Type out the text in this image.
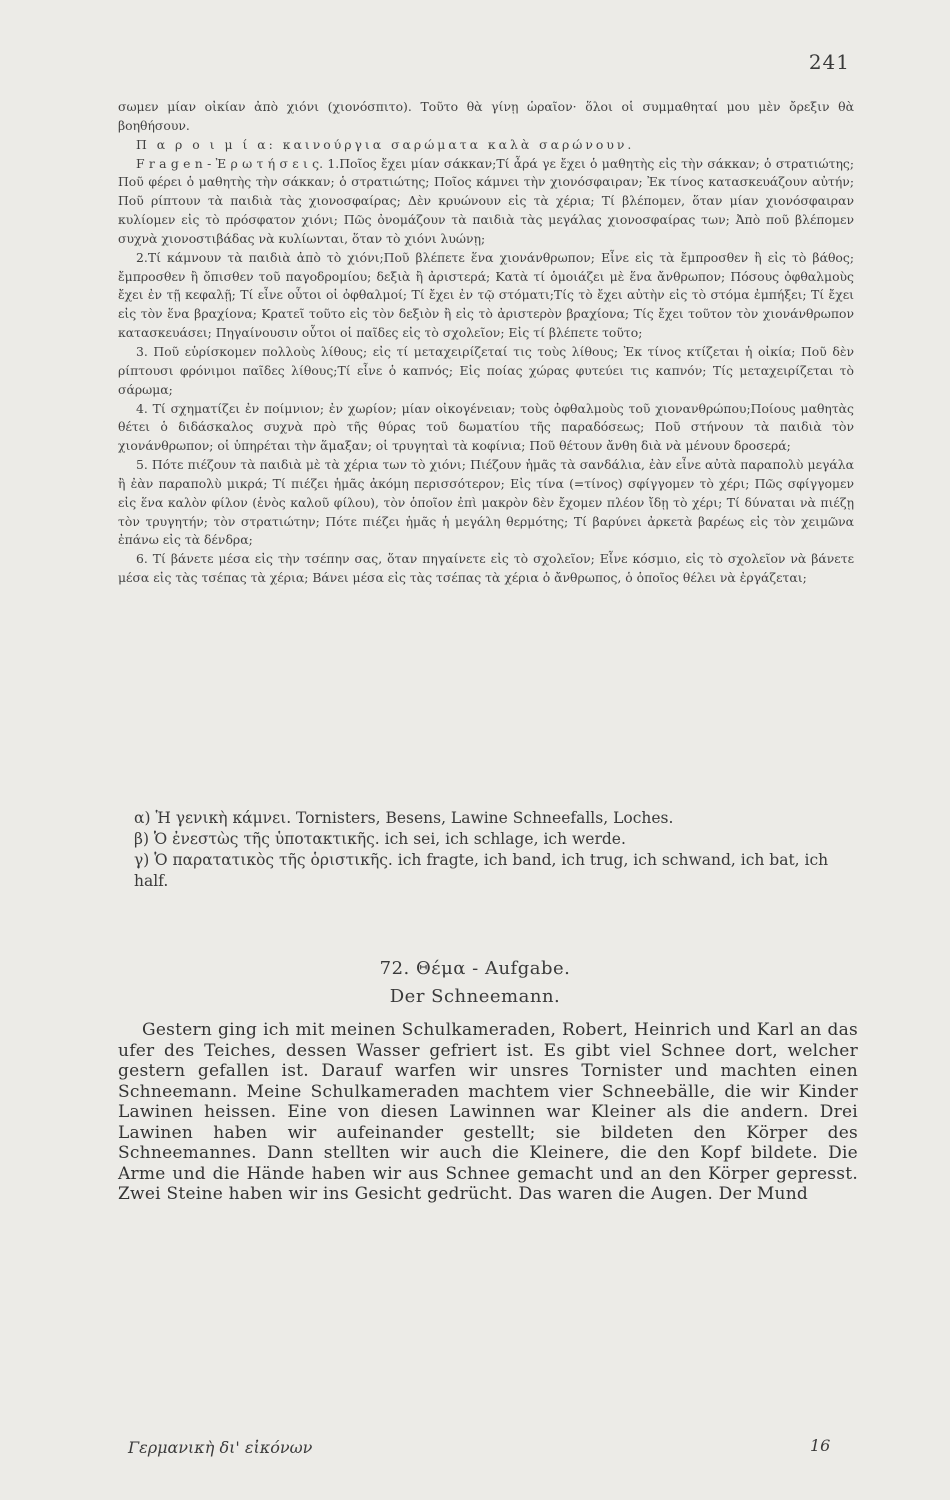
241

σωμεν μίαν οἰκίαν ἀπὸ χιόνι (χιονόσπιτο). Τοῦτο θὰ γίνῃ ὡραῖον· ὅλοι οἱ συμμαθηταί μου μὲν ὄρεξιν θὰ βοηθήσουν.

Π α ρ ο ι μ ί α: καινούργια σαρώματα καλὰ σαρώνουν.

F r a g e n - Ἐ ρ ω τ ή σ ε ι ς. 1.Ποῖος ἔχει μίαν σάκκαν;Τί ἆρά γε ἔχει ὁ μαθητὴς εἰς τὴν σάκκαν; ὁ στρατιώτης; Ποῦ φέρει ὁ μαθητὴς τὴν σάκκαν; ὁ στρατιώτης; Ποῖος κάμνει τὴν χιονόσφαιραν; Ἐκ τίνος κατασκευάζουν αὐτήν; Ποῦ ρίπτουν τὰ παιδιὰ τὰς χιονοσφαίρας; Δὲν κρυώνουν εἰς τὰ χέρια; Τί βλέπομεν, ὅταν μίαν χιονόσφαιραν κυλίομεν εἰς τὸ πρόσφατον χιόνι; Πῶς ὀνομάζουν τὰ παιδιὰ τὰς μεγάλας χιονοσφαίρας των; Ἀπὸ ποῦ βλέπομεν συχνὰ χιονοστιβάδας νὰ κυλίωνται, ὅταν τὸ χιόνι λυώνῃ;

2.Τί κάμνουν τὰ παιδιὰ ἀπὸ τὸ χιόνι;Ποῦ βλέπετε ἕνα χιονάνθρωπον; Εἶνε εἰς τὰ ἔμπροσθεν ἢ εἰς τὸ βάθος; ἔμπροσθεν ἢ ὄπισθεν τοῦ παγοδρομίου; δεξιὰ ἢ ἀριστερά; Κατὰ τί ὁμοιάζει μὲ ἕνα ἄνθρωπον; Πόσους ὀφθαλμοὺς ἔχει ἐν τῇ κεφαλῇ; Τί εἶνε οὗτοι οἱ ὀφθαλμοί; Τί ἔχει ἐν τῷ στόματι;Τίς τὸ ἔχει αὐτὴν εἰς τὸ στόμα ἐμπήξει; Τί ἔχει εἰς τὸν ἕνα βραχίονα; Κρατεῖ τοῦτο εἰς τὸν δεξιὸν ἢ εἰς τὸ ἀριστερὸν βραχίονα; Τίς ἔχει τοῦτον τὸν χιονάνθρωπον κατασκευάσει; Πηγαίνουσιν οὗτοι οἱ παῖδες εἰς τὸ σχολεῖον; Εἰς τί βλέπετε τοῦτο;

3. Ποῦ εὑρίσκομεν πολλοὺς λίθους; εἰς τί μεταχειρίζεταί τις τοὺς λίθους; Ἐκ τίνος κτίζεται ἡ οἰκία; Ποῦ δὲν ρίπτουσι φρόνιμοι παῖδες λίθους;Τί εἶνε ὁ καπνός; Εἰς ποίας χώρας φυτεύει τις καπνόν; Τίς μεταχειρίζεται τὸ σάρωμα;

4. Τί σχηματίζει ἐν ποίμνιον; ἐν χωρίον; μίαν οἰκογένειαν; τοὺς ὀφθαλμοὺς τοῦ χιονανθρώπου;Ποίους μαθητὰς θέτει ὁ διδάσκαλος συχνὰ πρὸ τῆς θύρας τοῦ δωματίου τῆς παραδόσεως; Ποῦ στήνουν τὰ παιδιὰ τὸν χιονάνθρωπον; οἱ ὑπηρέται τὴν ἅμαξαν; οἱ τρυγηταὶ τὰ κοφίνια; Ποῦ θέτουν ἄνθη διὰ νὰ μένουν δροσερά;

5. Πότε πιέζουν τὰ παιδιὰ μὲ τὰ χέρια των τὸ χιόνι; Πιέζουν ἡμᾶς τὰ σανδάλια, ἐὰν εἶνε αὐτὰ παραπολὺ μεγάλα ἢ ἐὰν παραπολὺ μικρά; Τί πιέζει ἡμᾶς ἀκόμη περισσότερον; Εἰς τίνα (=τίνος) σφίγγομεν τὸ χέρι; Πῶς σφίγγομεν εἰς ἕνα καλὸν φίλον (ἑνὸς καλοῦ φίλου), τὸν ὁποῖον ἐπὶ μακρὸν δὲν ἔχομεν πλέον ἴδῃ τὸ χέρι; Τί δύναται νὰ πιέζῃ τὸν τρυγητήν; τὸν στρατιώτην; Πότε πιέζει ἡμᾶς ἡ μεγάλη θερμότης; Τί βαρύνει ἀρκετὰ βαρέως εἰς τὸν χειμῶνα ἐπάνω εἰς τὰ δένδρα;

6. Τί βάνετε μέσα εἰς τὴν τσέπην σας, ὅταν πηγαίνετε εἰς τὸ σχολεῖον; Εἶνε κόσμιο, εἰς τὸ σχολεῖον νὰ βάνετε μέσα εἰς τὰς τσέπας τὰ χέρια; Βάνει μέσα εἰς τὰς τσέπας τὰ χέρια ὁ ἄνθρωπος, ὁ ὁποῖος θέλει νὰ ἐργάζεται;

α) Ἡ γενικὴ κάμνει. Tornisters, Besens, Lawine Schneefalls, Loches.

β) Ὁ ἐνεστὼς τῆς ὑποτακτικῆς. ich sei, ich schlage, ich werde.

γ) Ὁ παρατατικὸς τῆς ὁριστικῆς. ich fragte, ich band, ich trug, ich schwand, ich bat, ich half.

72. Θέμα - Aufgabe.
Der Schneemann.

Gestern ging ich mit meinen Schulkameraden, Robert, Heinrich und Karl an das ufer des Teiches, dessen Wasser gefriert ist. Es gibt viel Schnee dort, welcher gestern gefallen ist. Darauf warfen wir unsres Tornister und machten einen Schneemann. Meine Schulkameraden machtem vier Schneebälle, die wir Kinder Lawinen heissen. Eine von diesen Lawinnen war Kleiner als die andern. Drei Lawinen haben wir aufeinander gestellt; sie bildeten den Körper des Schneemannes. Dann stellten wir auch die Kleinere, die den Kopf bildete. Die Arme und die Hände haben wir aus Schnee gemacht und an den Körper gepresst. Zwei Steine haben wir ins Gesicht gedrücht. Das waren die Augen. Der Mund

Γερμανικὴ δι' εἰκόνων	16
